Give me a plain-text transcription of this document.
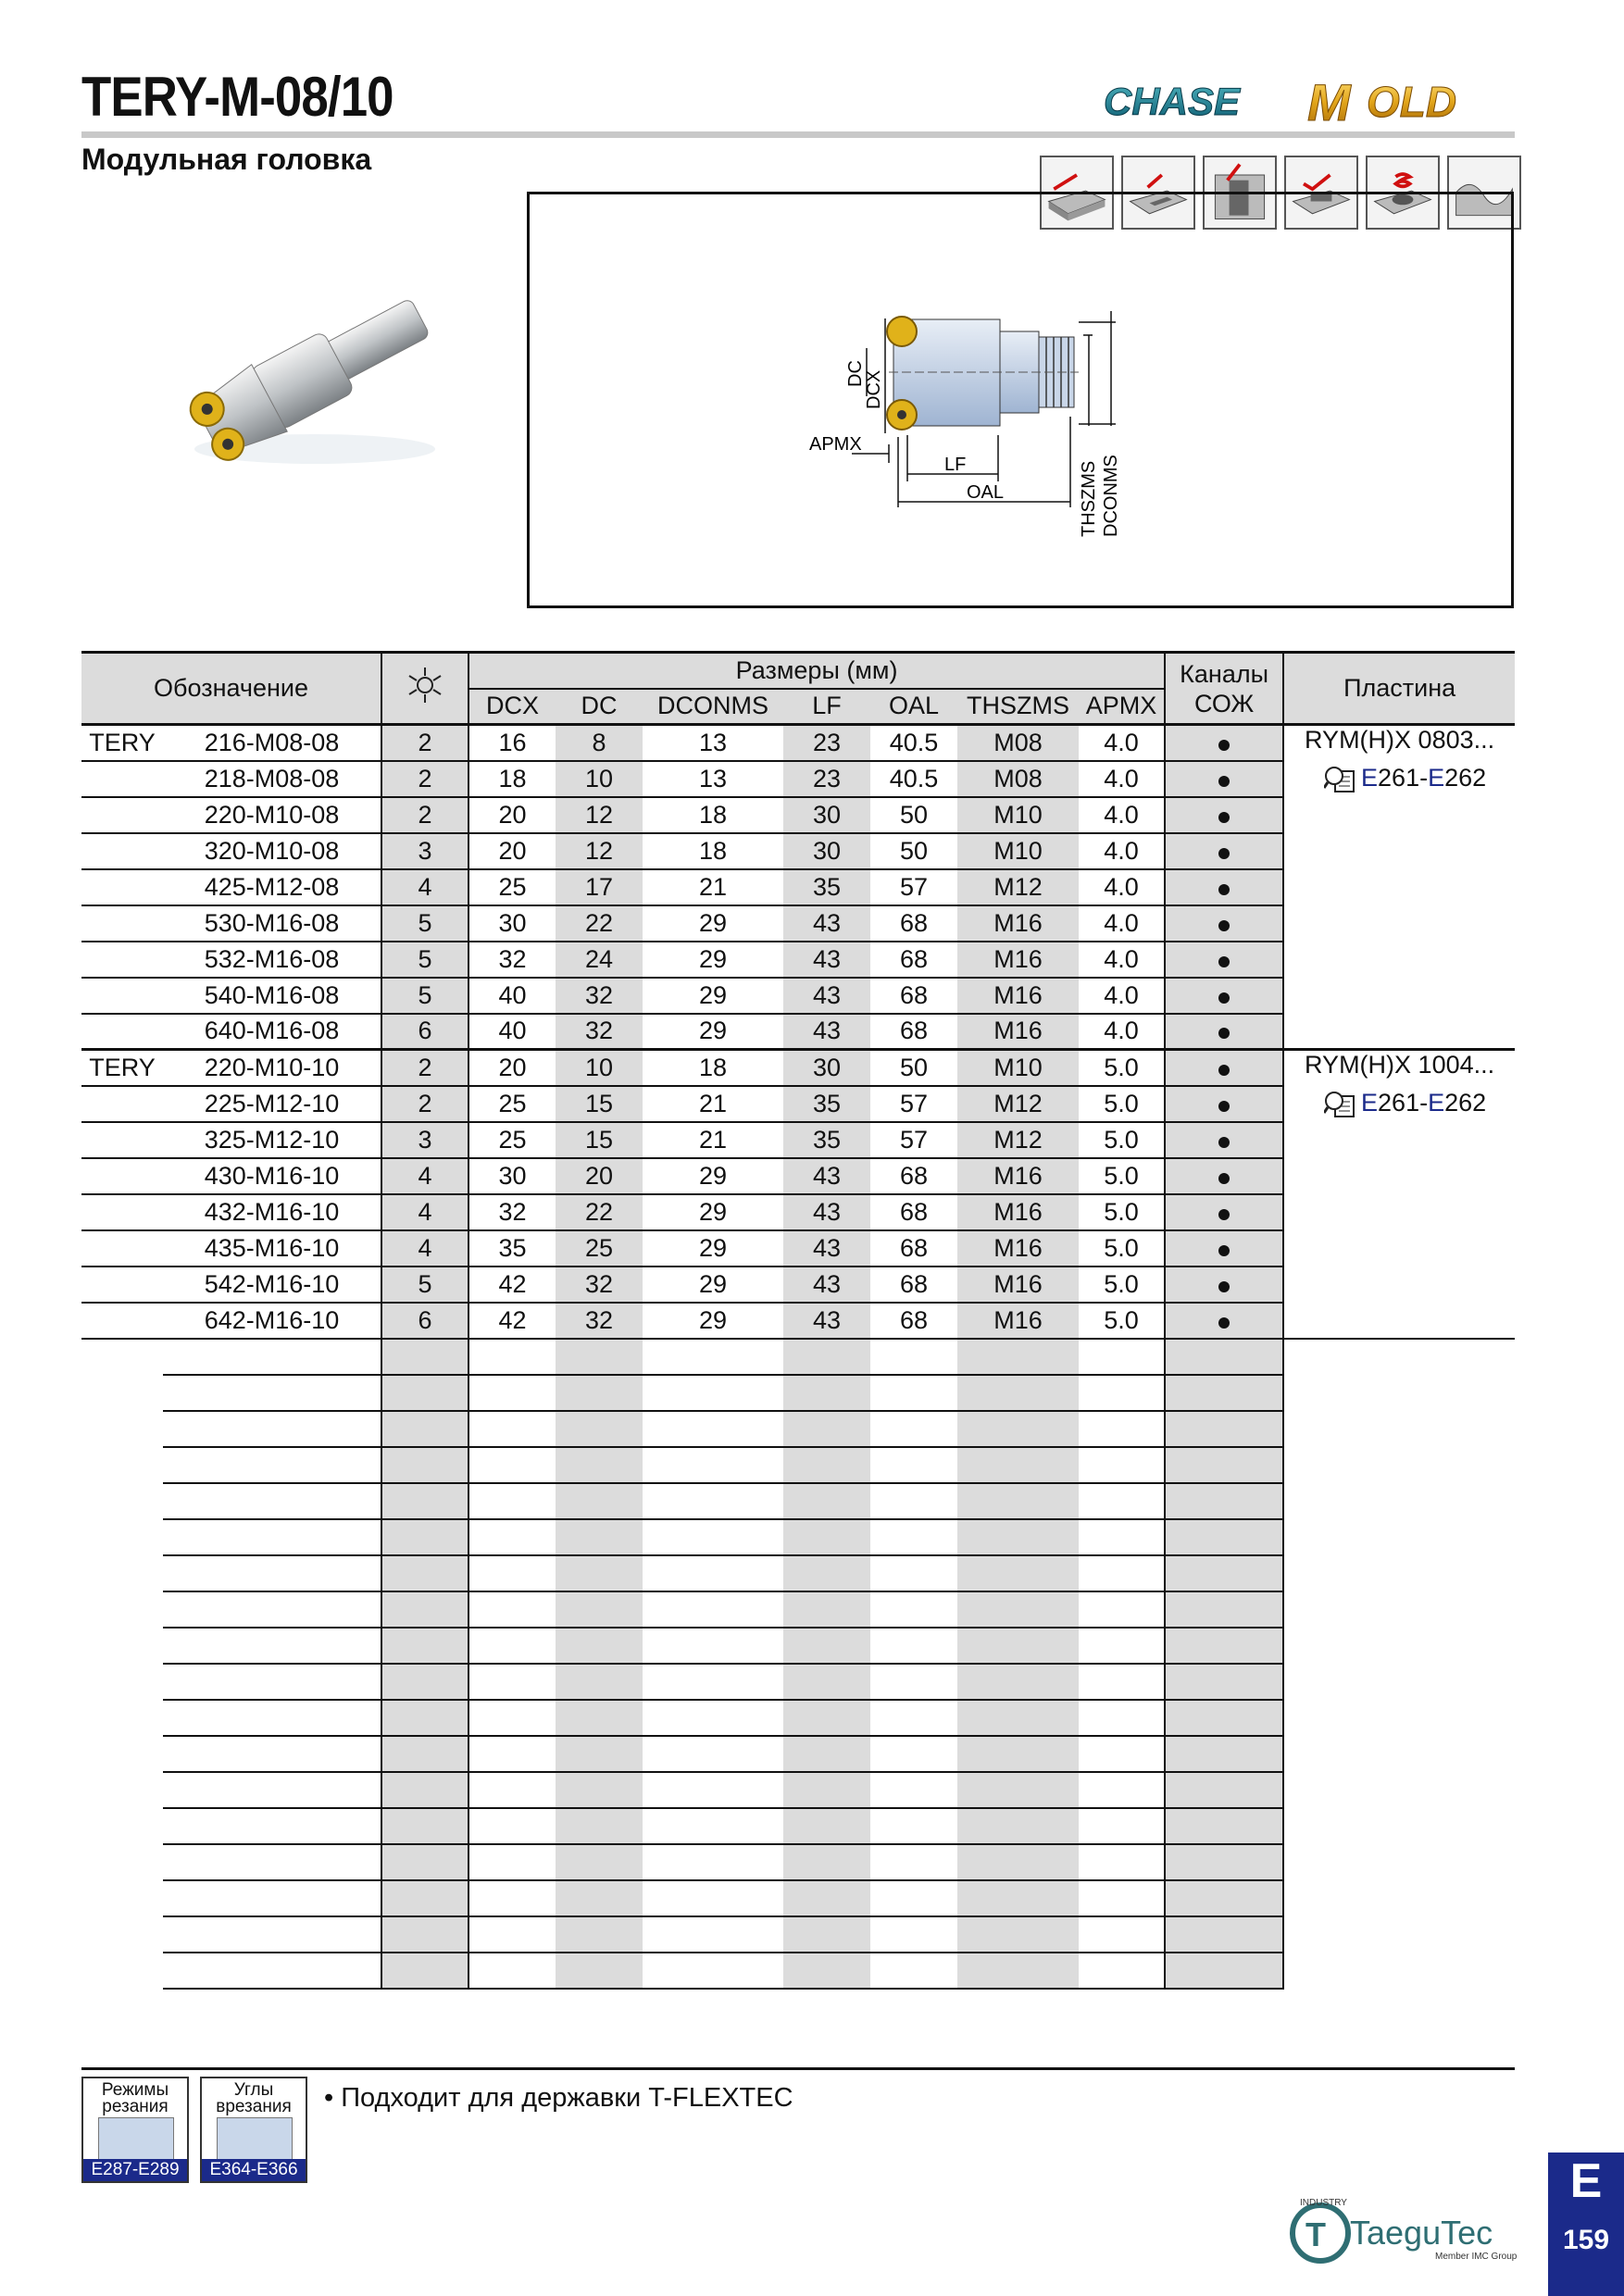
TERY-M-08/10
Модульная головка
CHASE M OLD
DCX
DC
APMX
LF
OAL	THSZMS DCONMS
Обозначение			Размеры (мм)							Каналы СОЖ	Пластина
			DCX	DC	DCONMS	LF	OAL	THSZMS	APMX		
TERY	216-M08-08	2	16	8	13	23	40.5	M08	4.0		RYM(H)X 0803...
E261-E262

	218-M08-08	2	18	10	13	23	40.5	M08	4.0		
	220-M10-08	2	20	12	18	30	50	M10	4.0		
	320-M10-08	3	20	12	18	30	50	M10	4.0		
	425-M12-08	4	25	17	21	35	57	M12	4.0		
	530-M16-08	5	30	22	29	43	68	M16	4.0		
	532-M16-08	5	32	24	29	43	68	M16	4.0		
	540-M16-08	5	40	32	29	43	68	M16	4.0		
	640-M16-08	6	40	32	29	43	68	M16	4.0		
TERY	220-M10-10	2	20	10	18	30	50	M10	5.0		RYM(H)X 1004...
E261-E262

	225-M12-10	2	25	15	21	35	57	M12	5.0		
	325-M12-10	3	25	15	21	35	57	M12	5.0		
	430-M16-10	4	30	20	29	43	68	M16	5.0		
	432-M16-10	4	32	22	29	43	68	M16	5.0		
	435-M16-10	4	35	25	29	43	68	M16	5.0		
	542-M16-10	5	42	32	29	43	68	M16	5.0		
	642-M16-10	6	42	32	29	43	68	M16	5.0		

Режимы резания
E287-E289
Углы врезания
E364-E366
• Подходит для державки T-FLEXTEC
T
INDUSTRY
TaeguTec
Member IMC Group
E
159
